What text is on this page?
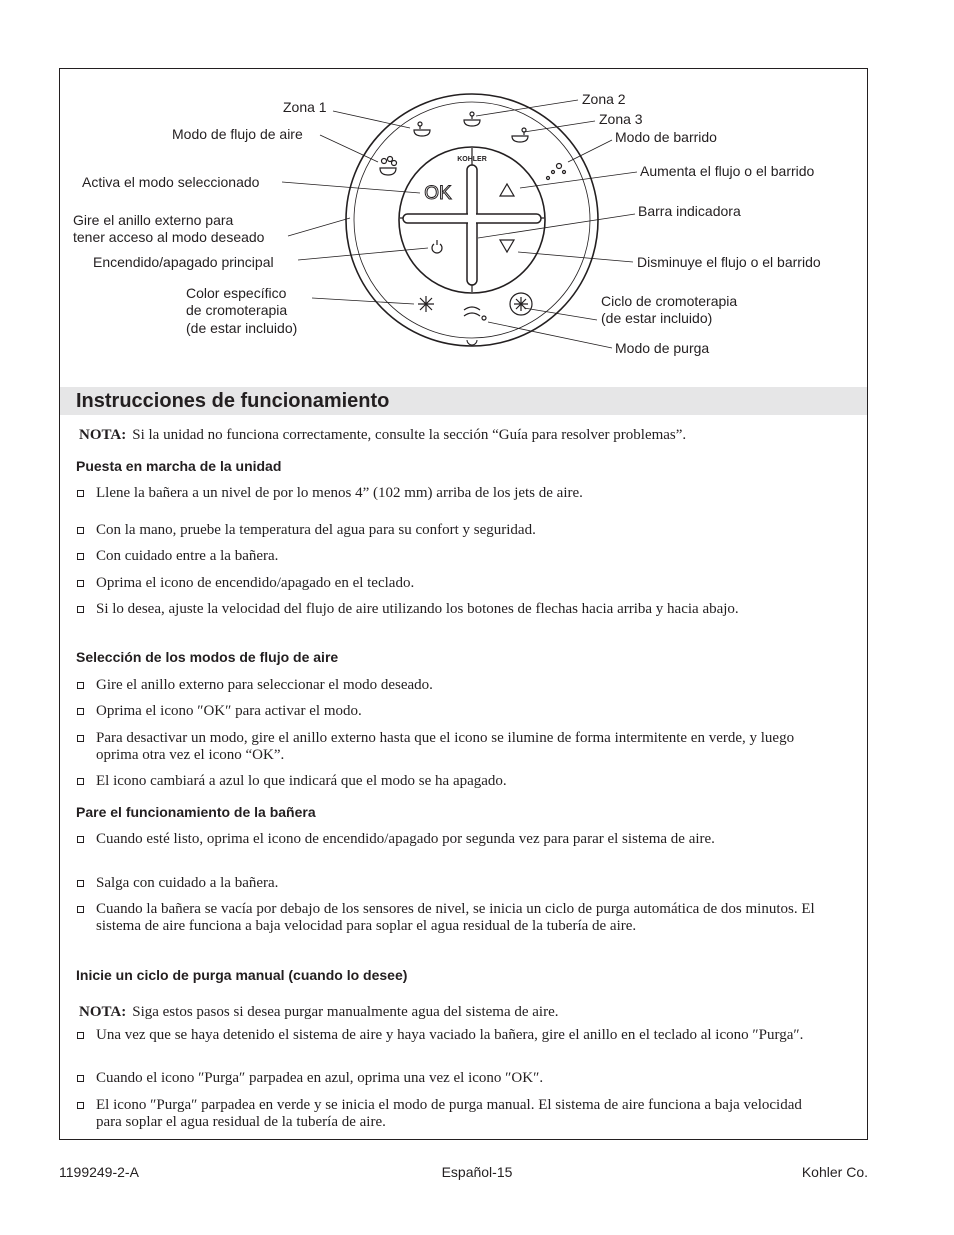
KOHLER
OK
Zona 1	Zona 2
Zona 3
Modo de flujo de aire	Modo de barrido
Activa el modo seleccionado
Aumenta el flujo o el barrido
Gire el anillo externo para
tener acceso al modo deseado
Barra indicadora
Encendido/apagado principal	Disminuye el flujo o el barrido
Color específico
de cromoterapia
(de estar incluido)
Ciclo de cromoterapia
(de estar incluido)
Modo de purga
Instrucciones de funcionamiento
NOTA: Si la unidad no funciona correctamente, consulte la sección “Guía para resolver problemas”.
Puesta en marcha de la unidad
Llene la bañera a un nivel de por lo menos 4” (102 mm) arriba de los jets de aire.
Con la mano, pruebe la temperatura del agua para su confort y seguridad.
Con cuidado entre a la bañera.
Oprima el icono de encendido/apagado en el teclado.
Si lo desea, ajuste la velocidad del flujo de aire utilizando los botones de flechas hacia arriba y hacia abajo.
Selección de los modos de flujo de aire
Gire el anillo externo para seleccionar el modo deseado.
Oprima el icono ″OK″ para activar el modo.
Para desactivar un modo, gire el anillo externo hasta que el icono se ilumine de forma intermitente en verde, y luego oprima otra vez el icono “OK”.
El icono cambiará a azul lo que indicará que el modo se ha apagado.
Pare el funcionamiento de la bañera
Cuando esté listo, oprima el icono de encendido/apagado por segunda vez para parar el sistema de aire.
Salga con cuidado a la bañera.
Cuando la bañera se vacía por debajo de los sensores de nivel, se inicia un ciclo de purga automática de dos minutos. El sistema de aire funciona a baja velocidad para soplar el agua residual de la tubería de aire.
Inicie un ciclo de purga manual (cuando lo desee)
NOTA: Siga estos pasos si desea purgar manualmente agua del sistema de aire.
Una vez que se haya detenido el sistema de aire y haya vaciado la bañera, gire el anillo en el teclado al icono ″Purga″.
Cuando el icono ″Purga″ parpadea en azul, oprima una vez el icono ″OK″.
El icono ″Purga″ parpadea en verde y se inicia el modo de purga manual. El sistema de aire funciona a baja velocidad para soplar el agua residual de la tubería de aire.
1199249-2-A	Español-15	Kohler Co.
